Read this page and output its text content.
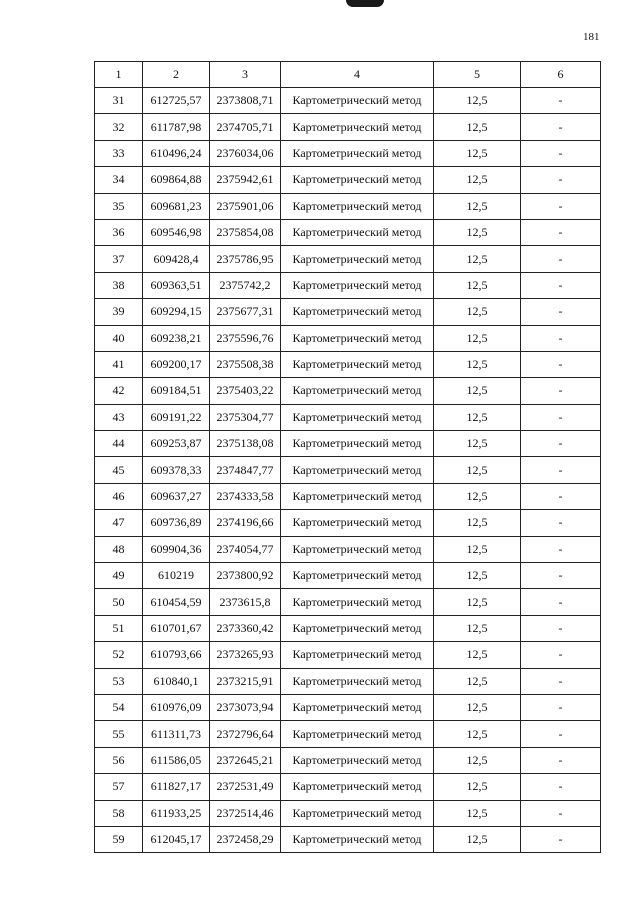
181
1	2	3	4	5	6
31	612725,57	2373808,71	Картометрический метод	12,5	-
32	611787,98	2374705,71	Картометрический метод	12,5	-
33	610496,24	2376034,06	Картометрический метод	12,5	-
34	609864,88	2375942,61	Картометрический метод	12,5	-
35	609681,23	2375901,06	Картометрический метод	12,5	-
36	609546,98	2375854,08	Картометрический метод	12,5	-
37	609428,4	2375786,95	Картометрический метод	12,5	-
38	609363,51	2375742,2	Картометрический метод	12,5	-
39	609294,15	2375677,31	Картометрический метод	12,5	-
40	609238,21	2375596,76	Картометрический метод	12,5	-
41	609200,17	2375508,38	Картометрический метод	12,5	-
42	609184,51	2375403,22	Картометрический метод	12,5	-
43	609191,22	2375304,77	Картометрический метод	12,5	-
44	609253,87	2375138,08	Картометрический метод	12,5	-
45	609378,33	2374847,77	Картометрический метод	12,5	-
46	609637,27	2374333,58	Картометрический метод	12,5	-
47	609736,89	2374196,66	Картометрический метод	12,5	-
48	609904,36	2374054,77	Картометрический метод	12,5	-
49	610219	2373800,92	Картометрический метод	12,5	-
50	610454,59	2373615,8	Картометрический метод	12,5	-
51	610701,67	2373360,42	Картометрический метод	12,5	-
52	610793,66	2373265,93	Картометрический метод	12,5	-
53	610840,1	2373215,91	Картометрический метод	12,5	-
54	610976,09	2373073,94	Картометрический метод	12,5	-
55	611311,73	2372796,64	Картометрический метод	12,5	-
56	611586,05	2372645,21	Картометрический метод	12,5	-
57	611827,17	2372531,49	Картометрический метод	12,5	-
58	611933,25	2372514,46	Картометрический метод	12,5	-
59	612045,17	2372458,29	Картометрический метод	12,5	-
